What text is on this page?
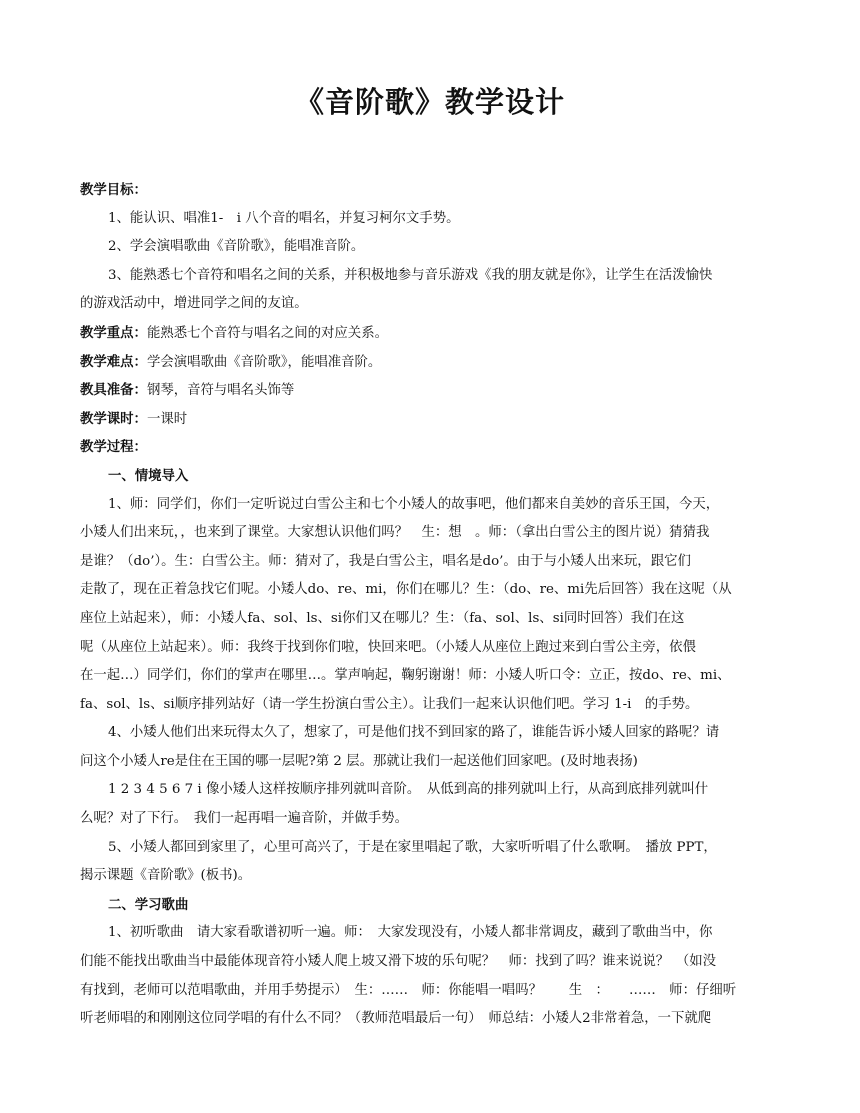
《音阶歌》教学设计
教学目标：
1、能认识、唱准1-　i 八个音的唱名，并复习柯尔文手势。
2、学会演唱歌曲《音阶歌》，能唱准音阶。
3、能熟悉七个音符和唱名之间的关系，并积极地参与音乐游戏《我的朋友就是你》，让学生在活泼愉快
的游戏活动中，增进同学之间的友谊。
教学重点：能熟悉七个音符与唱名之间的对应关系。
教学难点：学会演唱歌曲《音阶歌》，能唱准音阶。
教具准备：钢琴，音符与唱名头饰等
教学课时：一课时
教学过程：
一、情境导入
1、师：同学们，你们一定听说过白雪公主和七个小矮人的故事吧，他们都来自美妙的音乐王国，今天，
小矮人们出来玩，，也来到了课堂。大家想认识他们吗？　生：想　。师：（拿出白雪公主的图片说）猜猜我
是谁？（do’）。生：白雪公主。师：猜对了，我是白雪公主，唱名是do’。由于与小矮人出来玩，跟它们
走散了，现在正着急找它们呢。小矮人do、re、mi，你们在哪儿？生：（do、re、mi先后回答）我在这呢（从
座位上站起来），师：小矮人fa、sol、ls、si你们又在哪儿？生：（fa、sol、ls、si同时回答）我们在这
呢（从座位上站起来）。师：我终于找到你们啦，快回来吧。（小矮人从座位上跑过来到白雪公主旁，依偎
在一起…）同学们，你们的掌声在哪里…。掌声响起，鞠躬谢谢！师：小矮人听口令：立正，按do、re、mi、
fa、sol、ls、si顺序排列站好（请一学生扮演白雪公主）。让我们一起来认识他们吧。学习 1-i　的手势。
4、小矮人他们出来玩得太久了，想家了，可是他们找不到回家的路了，谁能告诉小矮人回家的路呢？请
问这个小矮人re是住在王国的哪一层呢?第 2 层。那就让我们一起送他们回家吧。(及时地表扬)
1 2 3 4 5 6 7 i 像小矮人这样按顺序排列就叫音阶。　从低到高的排列就叫上行，从高到底排列就叫什
么呢？对了下行。　我们一起再唱一遍音阶，并做手势。
5、小矮人都回到家里了，心里可高兴了，于是在家里唱起了歌，大家听听唱了什么歌啊。　播放 PPT，
揭示课题《音阶歌》(板书)。
二、学习歌曲
1、初听歌曲　请大家看歌谱初听一遍。师：　大家发现没有，小矮人都非常调皮，藏到了歌曲当中，你
们能不能找出歌曲当中最能体现音符小矮人爬上坡又滑下坡的乐句呢？　师：找到了吗？谁来说说？　（如没
有找到，老师可以范唱歌曲，并用手势提示）　生：……　师：你能唱一唱吗？　　生　：　　……　师：仔细听
听老师唱的和刚刚这位同学唱的有什么不同？（教师范唱最后一句）　师总结：小矮人2非常着急，一下就爬
